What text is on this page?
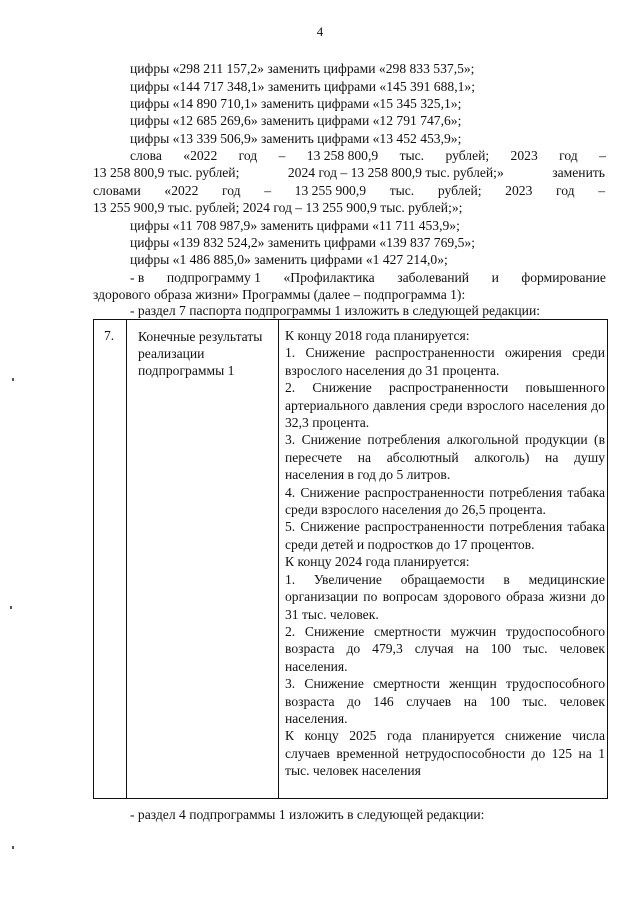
4
цифры «298 211 157,2» заменить цифрами «298 833 537,5»;
цифры «144 717 348,1» заменить цифрами «145 391 688,1»;
цифры «14 890 710,1» заменить цифрами «15 345 325,1»;
цифры «12 685 269,6» заменить цифрами «12 791 747,6»;
цифры «13 339 506,9» заменить цифрами «13 452 453,9»;
слова «2022 год – 13 258 800,9 тыс. рублей; 2023 год –
13 258 800,9 тыс. рублей;	2024 год – 13 258 800,9 тыс. рублей;»	заменить
словами «2022 год – 13 255 900,9 тыс. рублей; 2023 год –
13 255 900,9 тыс. рублей; 2024 год – 13 255 900,9 тыс. рублей;»;
цифры «11 708 987,9» заменить цифрами «11 711 453,9»;
цифры «139 832 524,2» заменить цифрами «139 837 769,5»;
цифры «1 486 885,0» заменить цифрами «1 427 214,0»;
- в подпрограмму 1 «Профилактика заболеваний и формирование
здорового образа жизни» Программы (далее – подпрограмма 1):
- раздел 7 паспорта подпрограммы 1 изложить в следующей редакции:
7. Конечные результаты реализации подпрограммы 1

К концу 2018 года планируется:

1. Снижение распространенности ожирения среди взрослого населения до 31 процента.

2. Снижение распространенности повышенного артериального давления среди взрослого населения до 32,3 процента.

3. Снижение потребления алкогольной продукции (в пересчете на абсолютный алкоголь) на душу населения в год до 5 литров.

4. Снижение распространенности потребления табака среди взрослого населения до 26,5 процента.

5. Снижение распространенности потребления табака среди детей и подростков до 17 процентов.

К концу 2024 года планируется:

1. Увеличение обращаемости в медицинские организации по вопросам здорового образа жизни до 31 тыс. человек.

2. Снижение смертности мужчин трудоспособного возраста до 479,3 случая на 100 тыс. человек населения.

3. Снижение смертности женщин трудоспособного возраста до 146 случаев на 100 тыс. человек населения.

К концу 2025 года планируется снижение числа случаев временной нетрудоспособности до 125 на 1 тыс. человек населения

- раздел 4 подпрограммы 1 изложить в следующей редакции:
